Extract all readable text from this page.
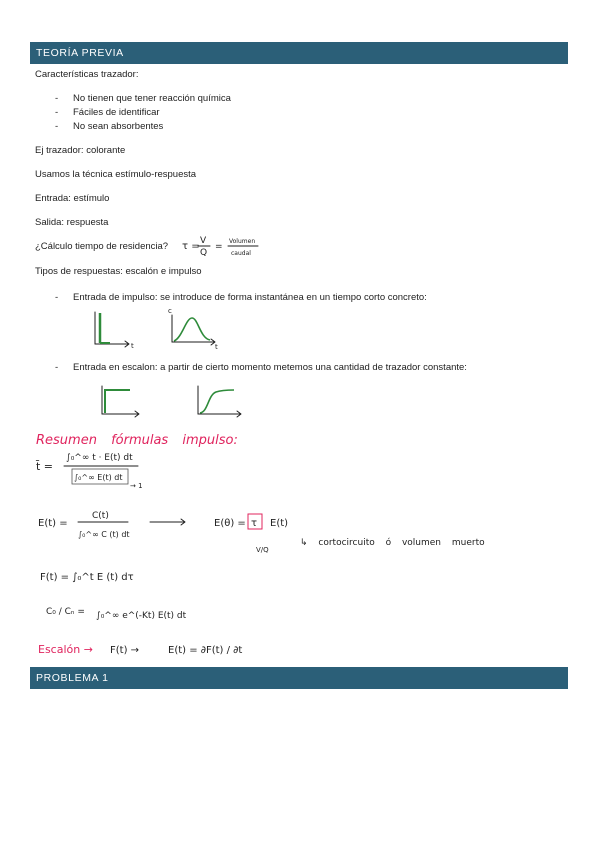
TEORÍA PREVIA
Características trazador:
- No tienen que tener reacción química
- Fáciles de identificar
- No sean absorbentes
Ej trazador: colorante
Usamos la técnica estímulo-respuesta
Entrada: estímulo
Salida: respuesta
¿Cálculo tiempo de residencia?
Tipos de respuestas: escalón e impulso
- Entrada de impulso: se introduce de forma instantánea en un tiempo corto concreto:
- Entrada en escalon: a partir de cierto momento metemos una cantidad de trazador constante:
τ = V
Q
=
Volumen
caudal
t
c
t
Resumen fórmulas impulso:
t̄ =
∫₀^∞ t · E(t) dt
∫₀^∞ E(t) dt
→ 1
E(t) =
C(t)
∫₀^∞ C (t) dt
E(θ) = τ E(t)
V/Q
↳ cortocircuito ó volumen muerto
F(t) = ∫₀^t E (t) dτ
C₀ / Cₙ = ∫₀^∞ e^(-Kt) E(t) dt
Escalón → F(t) →	E(t) = ∂F(t) / ∂t
PROBLEMA 1
